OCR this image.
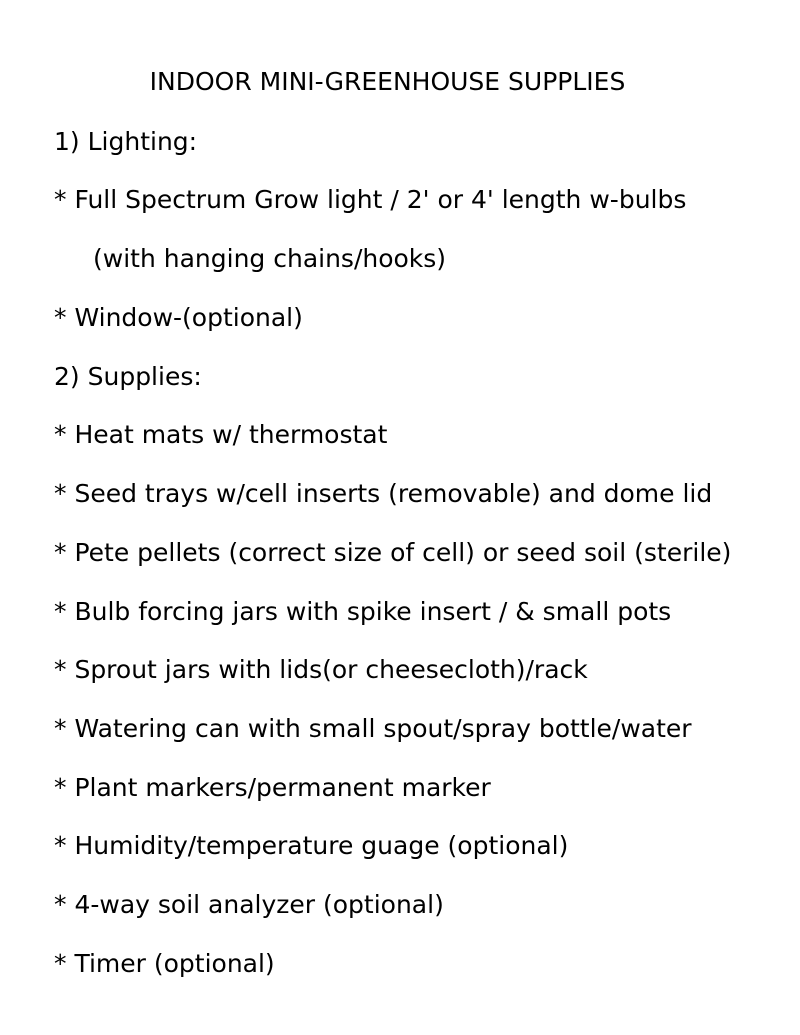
INDOOR MINI-GREENHOUSE SUPPLIES
1) Lighting:
* Full Spectrum Grow light / 2' or 4' length w-bulbs
(with hanging chains/hooks)
* Window-(optional)
2) Supplies:
* Heat mats w/ thermostat
* Seed trays w/cell inserts (removable) and dome lid
* Pete pellets (correct size of cell) or seed soil (sterile)
* Bulb forcing jars with spike insert / & small pots
* Sprout jars with lids(or cheesecloth)/rack
* Watering can with small spout/spray bottle/water
* Plant markers/permanent marker
* Humidity/temperature guage (optional)
* 4-way soil analyzer (optional)
* Timer (optional)
